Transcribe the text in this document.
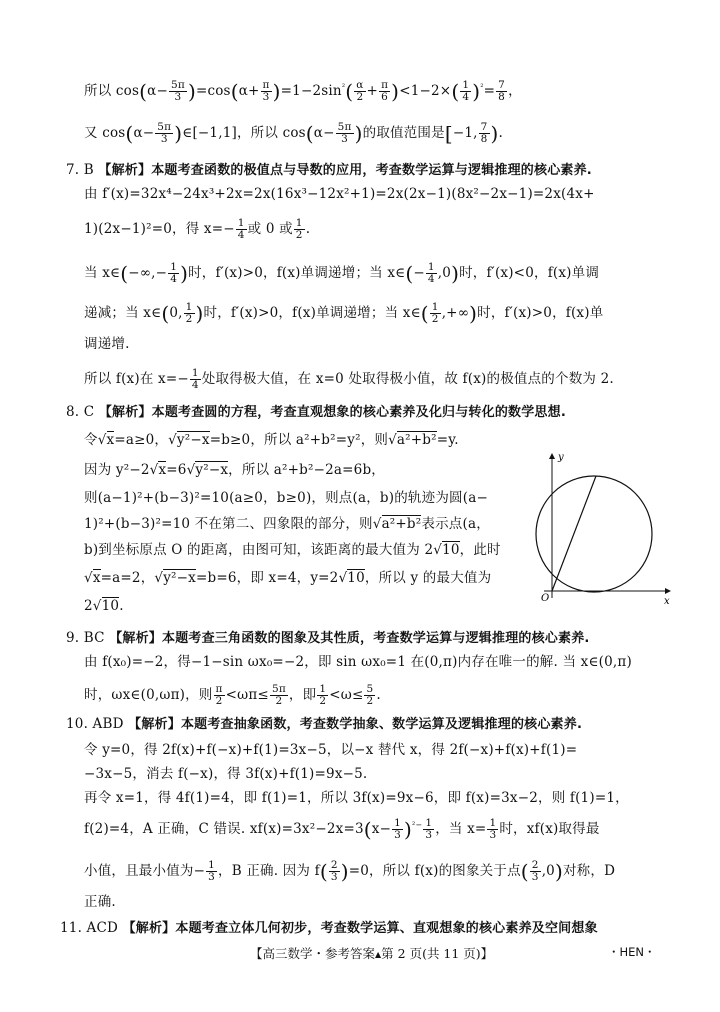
所以 $\cos(\alpha- \frac{5\pi}{3} )=\cos(\alpha+ \frac{\pi}{3} )=1-2\sin^{^2}( \frac{\alpha}{2} + \frac{\pi}{6} )<1-2\times( \frac{1}{4} )^{^2}= \frac{7}{8}$ ，
又 $\cos(\alpha- \frac{5\pi}{3}$ )∈[−1,1]，所以 $\cos(\alpha- \frac{5\pi}{3}$ )的取值范围是[−1, $\frac{7}{8}$ ).
7. B 【解析】本题考查函数的极值点与导数的应用，考查数学运算与逻辑推理的核心素养.
由 f′(x)=32x⁴−24x³+2x=2x(16x³−12x²+1)=2x(2x−1)(8x²−2x−1)=2x(4x+
1)(2x−1)²=0，得 $x=- \frac{1}{4}$ 或 0 或 $\frac{1}{2}$ .
当 x∈(−∞,− $\frac{1}{4}$ )时，f′(x)>0，f(x)单调递增；当 x∈(− $\frac{1}{4} ,0$)时，f′(x)<0，f(x)单调
递减；当 x∈(0, $\frac{1}{2}$ )时，f′(x)>0，f(x)单调递增；当 x∈( $\frac{1}{2}$ ,+∞)时，f′(x)>0，f(x)单
调递增.
所以 f(x)在 $x=- \frac{1}{4}$ 处取得极大值，在 x=0 处取得极小值，故 f(x)的极值点的个数为 2.
8. C 【解析】本题考查圆的方程，考查直观想象的核心素养及化归与转化的数学思想.
令√x=a≥0，√y²−x=b≥0，所以 a²+b²=y²，则√a²+b²=y.
因为 y²−2√x=6√y²−x，所以 a²+b²−2a=6b，
则(a−1)²+(b−3)²=10(a≥0，b≥0)，则点(a，b)的轨迹为圆(a−
1)²+(b−3)²=10 不在第二、四象限的部分，则√a²+b²表示点(a，
b)到坐标原点 O 的距离，由图可知，该距离的最大值为 2√10，此时
√x=a=2，√y²−x=b=6，即 x=4，y=2√10，所以 y 的最大值为
2√10.
y
x
O
9. BC 【解析】本题考查三角函数的图象及其性质，考查数学运算与逻辑推理的核心素养.
由 f(x₀)=−2，得−1−sin ωx₀=−2，即 sin ωx₀=1 在(0,π)内存在唯一的解. 当 x∈(0,π)
时，ωx∈(0,ωπ)，则 $\frac{\pi}{2} <\omega\pi\le \frac{5\pi}{2}$ ，即 $\frac{1}{2} <\omega\le \frac{5}{2}$ .
10. ABD 【解析】本题考查抽象函数，考查数学抽象、数学运算及逻辑推理的核心素养.
令 y=0，得 2f(x)+f(−x)+f(1)=3x−5，以−x 替代 x，得 2f(−x)+f(x)+f(1)=
−3x−5，消去 f(−x)，得 3f(x)+f(1)=9x−5.
再令 x=1，得 4f(1)=4，即 f(1)=1，所以 3f(x)=9x−6，即 f(x)=3x−2，则 f(1)=1，
f(2)=4，A 正确，C 错误. $xf(x)=3x^2-2x=3(x- \frac{1}{3} )^{^2-} \frac{1}{3}$ ，当 $x= \frac{1}{3}$ 时，xf(x)取得最
小值，且最小值为− $\frac{1}{3}$ ，B 正确. 因为 $f( \frac{2}{3} )=0$，所以 f(x)的图象关于点( $\frac{2}{3} ,0$)对称，D
正确.
11. ACD 【解析】本题考查立体几何初步，考查数学运算、直观想象的核心素养及空间想象
【高三数学・参考答案▲第 2 页(共 11 页)】	・HEN・
